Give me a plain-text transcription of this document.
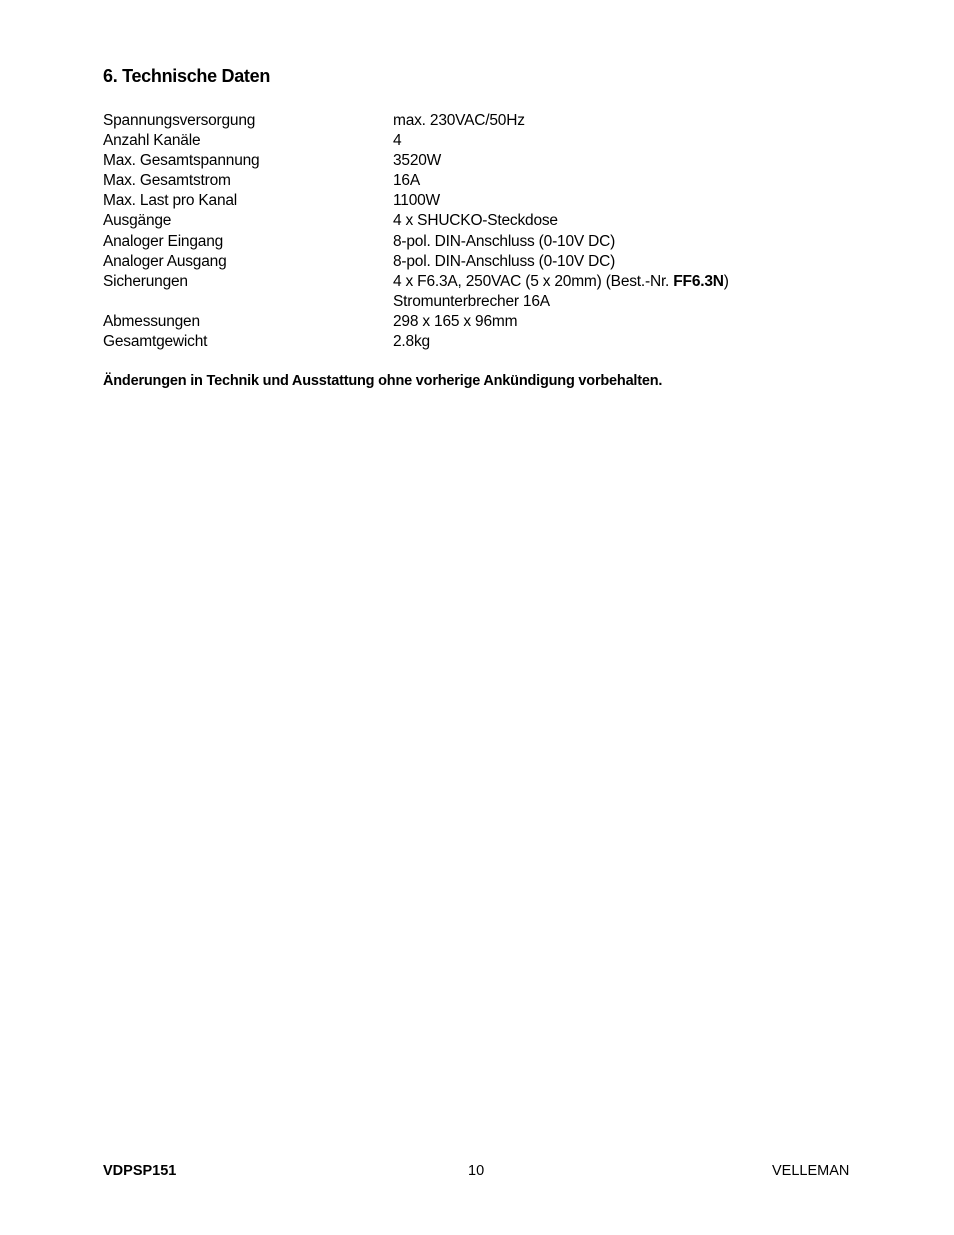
6. Technische Daten
Spannungsversorgung	max. 230VAC/50Hz
Anzahl Kanäle	4
Max. Gesamtspannung	3520W
Max. Gesamtstrom	16A
Max. Last pro Kanal	1100W
Ausgänge	4 x SHUCKO-Steckdose
Analoger Eingang	8-pol. DIN-Anschluss (0-10V DC)
Analoger Ausgang	8-pol. DIN-Anschluss (0-10V DC)
Sicherungen	4 x F6.3A, 250VAC (5 x 20mm) (Best.-Nr. FF6.3N)
Stromunterbrecher 16A
Abmessungen	298 x 165 x 96mm
Gesamtgewicht	2.8kg
Änderungen in Technik und Ausstattung ohne vorherige Ankündigung vorbehalten.
VDPSP151	10	VELLEMAN
